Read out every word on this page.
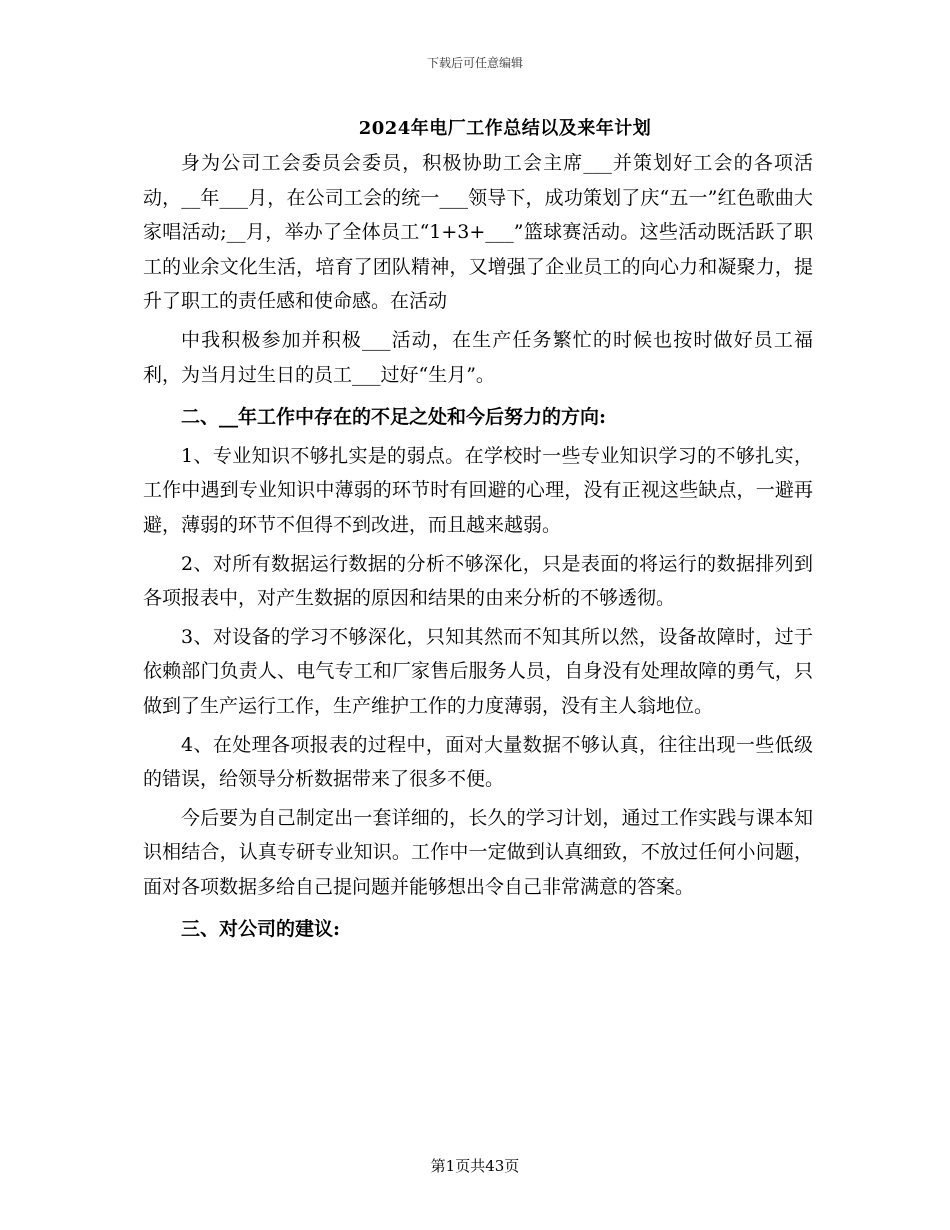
下载后可任意编辑
2024年电厂工作总结以及来年计划

身为公司工会委员会委员，积极协助工会主席___并策划好工会的各项活动，__年___月，在公司工会的统一___领导下，成功策划了庆“五一”红色歌曲大家唱活动;__月，举办了全体员工“1+3+___”篮球赛活动。这些活动既活跃了职工的业余文化生活，培育了团队精神，又增强了企业员工的向心力和凝聚力，提升了职工的责任感和使命感。在活动

中我积极参加并积极___活动，在生产任务繁忙的时候也按时做好员工福利，为当月过生日的员工___过好“生月”。

二、__年工作中存在的不足之处和今后努力的方向:

1、专业知识不够扎实是的弱点。在学校时一些专业知识学习的不够扎实，工作中遇到专业知识中薄弱的环节时有回避的心理，没有正视这些缺点，一避再避，薄弱的环节不但得不到改进，而且越来越弱。

2、对所有数据运行数据的分析不够深化，只是表面的将运行的数据排列到各项报表中，对产生数据的原因和结果的由来分析的不够透彻。

3、对设备的学习不够深化，只知其然而不知其所以然，设备故障时，过于依赖部门负责人、电气专工和厂家售后服务人员，自身没有处理故障的勇气，只做到了生产运行工作，生产维护工作的力度薄弱，没有主人翁地位。

4、在处理各项报表的过程中，面对大量数据不够认真，往往出现一些低级的错误，给领导分析数据带来了很多不便。

今后要为自己制定出一套详细的，长久的学习计划，通过工作实践与课本知识相结合，认真专研专业知识。工作中一定做到认真细致，不放过任何小问题，面对各项数据多给自己提问题并能够想出令自己非常满意的答案。

三、对公司的建议:

第1页共43页
